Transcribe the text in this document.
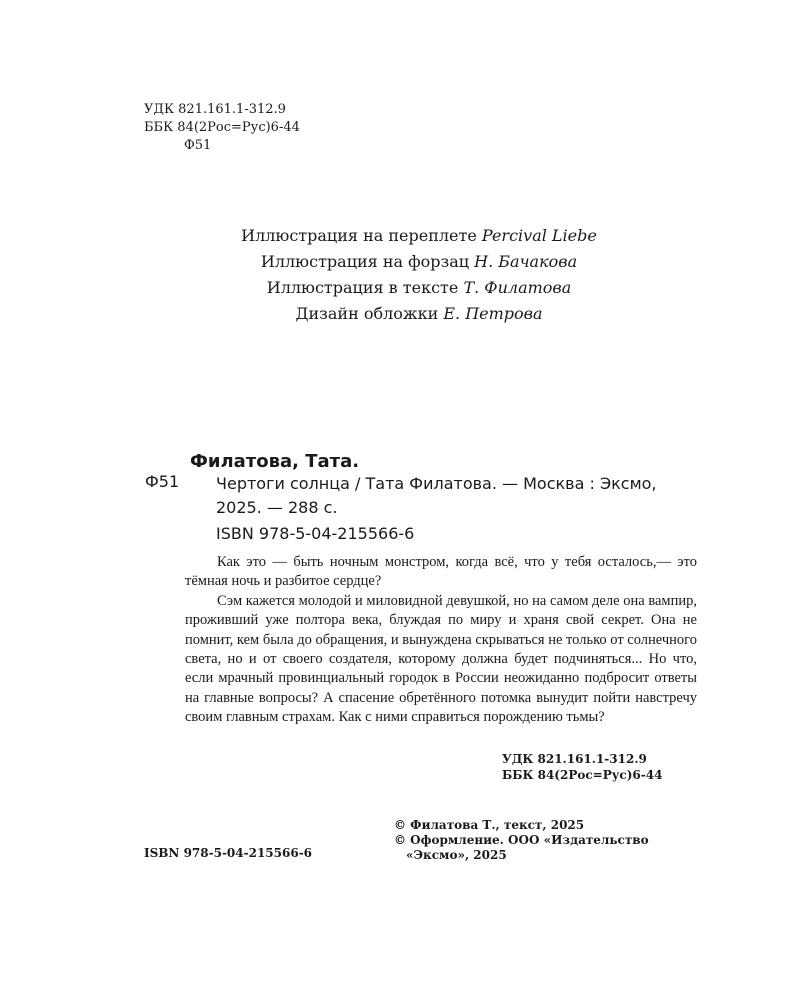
УДК 821.161.1-312.9
ББК 84(2Рос=Рус)6-44
Ф51
Иллюстрация на переплете Percival Liebe
Иллюстрация на форзац Н. Бачакова
Иллюстрация в тексте Т. Филатова
Дизайн обложки Е. Петрова
Филатова, Тата.
Ф51 Чертоги солнца / Тата Филатова. — Москва : Эксмо, 2025. — 288 с.
ISBN 978-5-04-215566-6

Как это — быть ночным монстром, когда всё, что у тебя осталось,— это тёмная ночь и разбитое сердце?

Сэм кажется молодой и миловидной девушкой, но на самом деле она вампир, проживший уже полтора века, блуждая по миру и храня свой секрет. Она не помнит, кем была до обращения, и вынуждена скрываться не только от солнечного света, но и от своего создателя, которому должна будет подчиняться... Но что, если мрачный провинциальный городок в России неожиданно подбросит ответы на главные вопросы? А спасение обретённого потомка вынудит пойти навстречу своим главным страхам. Как с ними справиться порождению тьмы?

УДК 821.161.1-312.9
ББК 84(2Рос=Рус)6-44
© Филатова Т., текст, 2025
© Оформление. ООО «Издательство
«Эксмо», 2025
ISBN 978-5-04-215566-6
